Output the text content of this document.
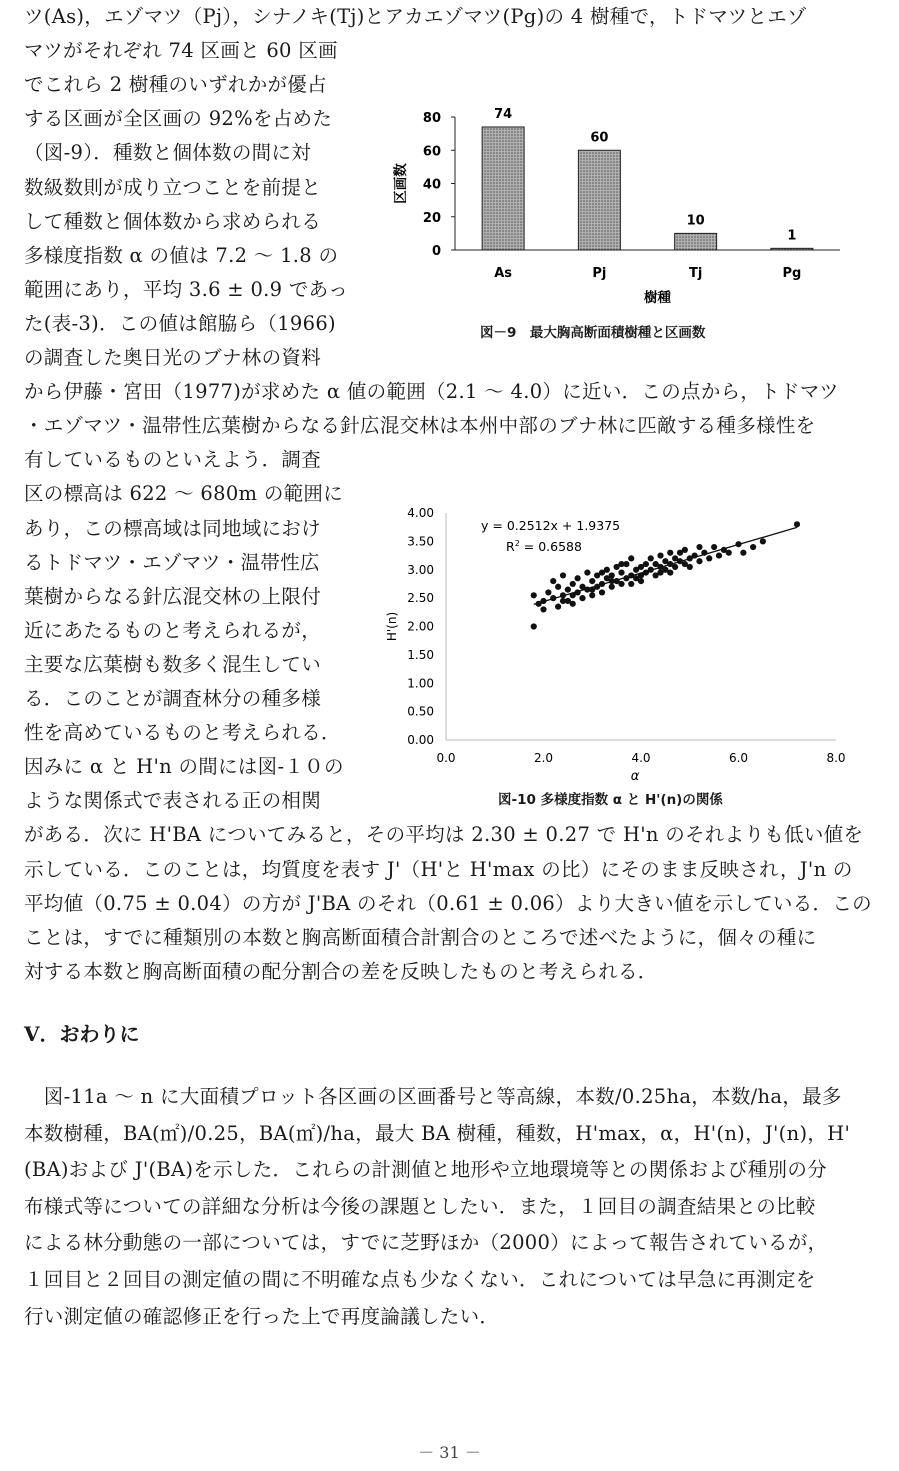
ツ(As)，エゾマツ（Pj），シナノキ(Tj)とアカエゾマツ(Pg)の 4 樹種で，トドマツとエゾ
マツがそれぞれ 74 区画と 60 区画
でこれら 2 樹種のいずれかが優占
する区画が全区画の 92%を占めた
（図-9）．種数と個体数の間に対
数級数則が成り立つことを前提と
して種数と個体数から求められる
多様度指数 α の値は 7.2 ～ 1.8 の
範囲にあり，平均 3.6 ± 0.9 であっ
た(表-3)．この値は館脇ら（1966)
の調査した奥日光のブナ林の資料
から伊藤・宮田（1977)が求めた α 値の範囲（2.1 ～ 4.0）に近い．この点から，トドマツ
・エゾマツ・温帯性広葉樹からなる針広混交林は本州中部のブナ林に匹敵する種多様性を
有しているものといえよう．調査
区の標高は 622 ～ 680m の範囲に
あり，この標高域は同地域におけ
るトドマツ・エゾマツ・温帯性広
葉樹からなる針広混交林の上限付
近にあたるものと考えられるが，
主要な広葉樹も数多く混生してい
る．このことが調査林分の種多様
性を高めているものと考えられる．
因みに α と H'n の間には図-１０の
ような関係式で表される正の相関
がある．次に H'BA についてみると，その平均は 2.30 ± 0.27 で H'n のそれよりも低い値を
示している．このことは，均質度を表す J'（H'と H'max の比）にそのまま反映され，J'n の
平均値（0.75 ± 0.04）の方が J'BA のそれ（0.61 ± 0.06）より大きい値を示している．この
ことは，すでに種類別の本数と胸高断面積合計割合のところで述べたように，個々の種に
対する本数と胸高断面積の配分割合の差を反映したものと考えられる．
0
20
40
60
80	74
As
60
Pj
10
Tj
1
Pg
樹種
区画数
図－9　最大胸高断面積樹種と区画数
0.00
0.50
1.00
1.50
2.00
2.50
3.00
3.50
4.00
0.0	2.0	4.0	6.0	8.0
α
H'(n)
y = 0.2512x + 1.9375
$R^2 = 0.6588$
図-10 多様度指数 α と H'(n)の関係
V．おわりに
　図-11a ～ n に大面積プロット各区画の区画番号と等高線，本数/0.25ha，本数/ha，最多
本数樹種，BA(㎡)/0.25，BA(㎡)/ha，最大 BA 樹種，種数，H'max，α，H'(n)，J'(n)，H'
(BA)および J'(BA)を示した．これらの計測値と地形や立地環境等との関係および種別の分
布様式等についての詳細な分析は今後の課題としたい．また，１回目の調査結果との比較
による林分動態の一部については，すでに芝野ほか（2000）によって報告されているが，
１回目と２回目の測定値の間に不明確な点も少なくない．これについては早急に再測定を
行い測定値の確認修正を行った上で再度論議したい．
－ 31 －
